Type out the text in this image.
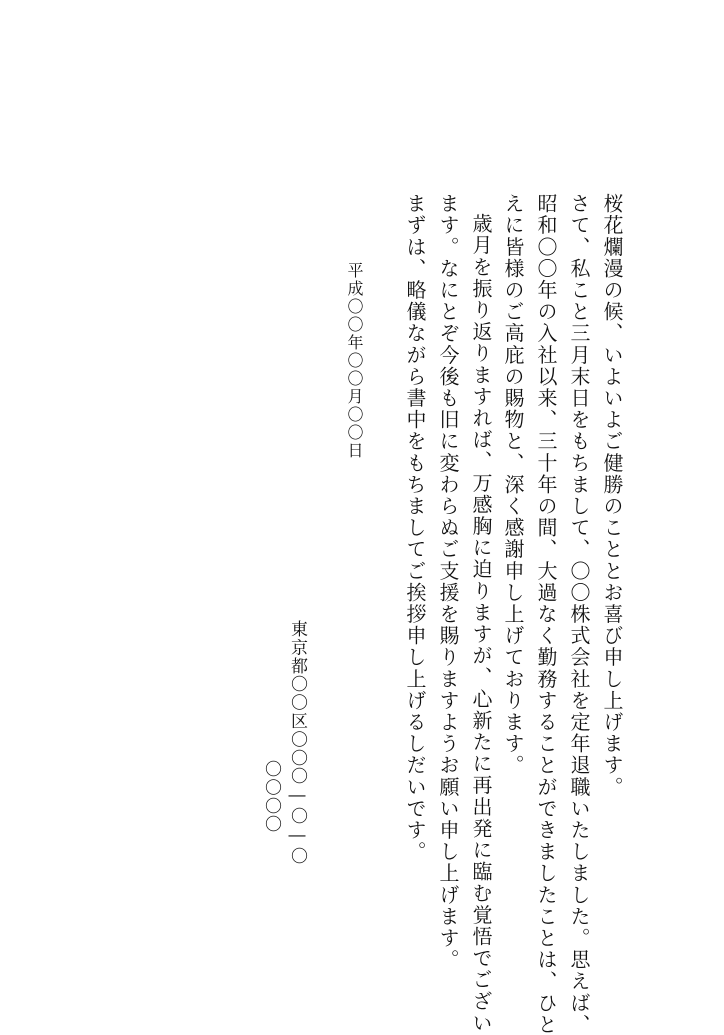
桜花爛漫の候、いよいよご健勝のこととお喜び申し上げます。
さて、私こと三月末日をもちまして、〇〇株式会社を定年退職いたしました。思えば、
昭和〇〇年の入社以来、三十年の間、大過なく勤務することができましたことは、ひと
えに皆様のご高庇の賜物と、深く感謝申し上げております。
歳月を振り返りますれば、万感胸に迫りますが、心新たに再出発に臨む覚悟でござい
ます。なにとぞ今後も旧に変わらぬご支援を賜りますようお願い申し上げます。
まずは、略儀ながら書中をもちましてご挨拶申し上げるしだいです。
平成〇〇年〇〇月〇〇日
東京都〇〇区〇〇〇―〇―〇
〇〇〇〇
